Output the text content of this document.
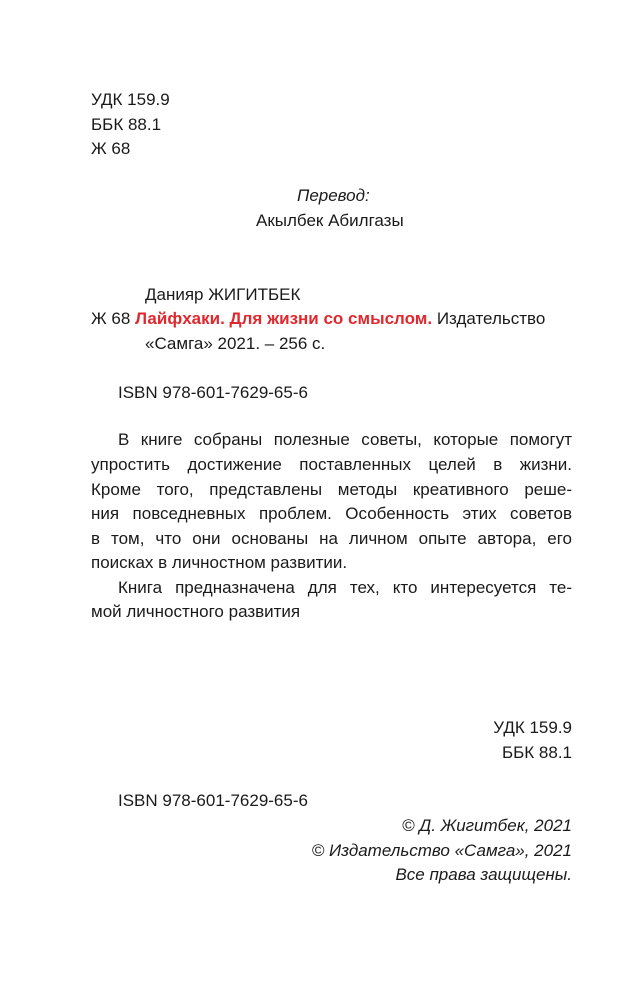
УДК 159.9
ББК 88.1
Ж 68
Перевод:
Акылбек Абилгазы
Данияр ЖИГИТБЕК
Ж 68 Лайфхаки. Для жизни со смыслом. Издательство
«Самга» 2021. – 256 с.
ISBN 978-601-7629-65-6
В книге собраны полезные советы, которые помогут
упростить достижение поставленных целей в жизни.
Кроме того, представлены методы креативного реше-
ния повседневных проблем. Особенность этих советов
в том, что они основаны на личном опыте автора, его
поисках в личностном развитии.
Книга предназначена для тех, кто интересуется те-
мой личностного развития
УДК 159.9
ББК 88.1
ISBN 978-601-7629-65-6
© Д. Жигитбек, 2021
© Издательство «Самга», 2021
Все права защищены.
